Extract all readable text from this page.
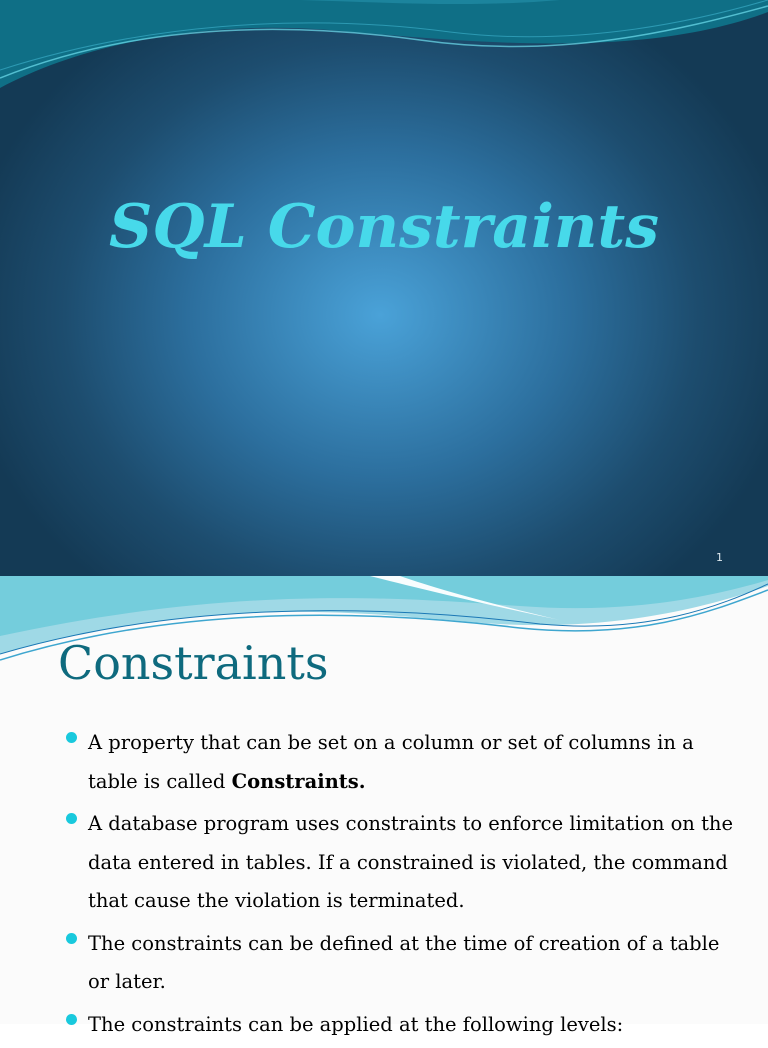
SQL Constraints
1
Constraints
A property that can be set on a column or set of columns in a table is called Constraints.
A database program uses constraints to enforce limitation on the data entered in tables. If a constrained is violated, the command that cause the violation is terminated.
The constraints can be defined at the time of creation of a table or later.
The constraints can be applied at the following levels:
